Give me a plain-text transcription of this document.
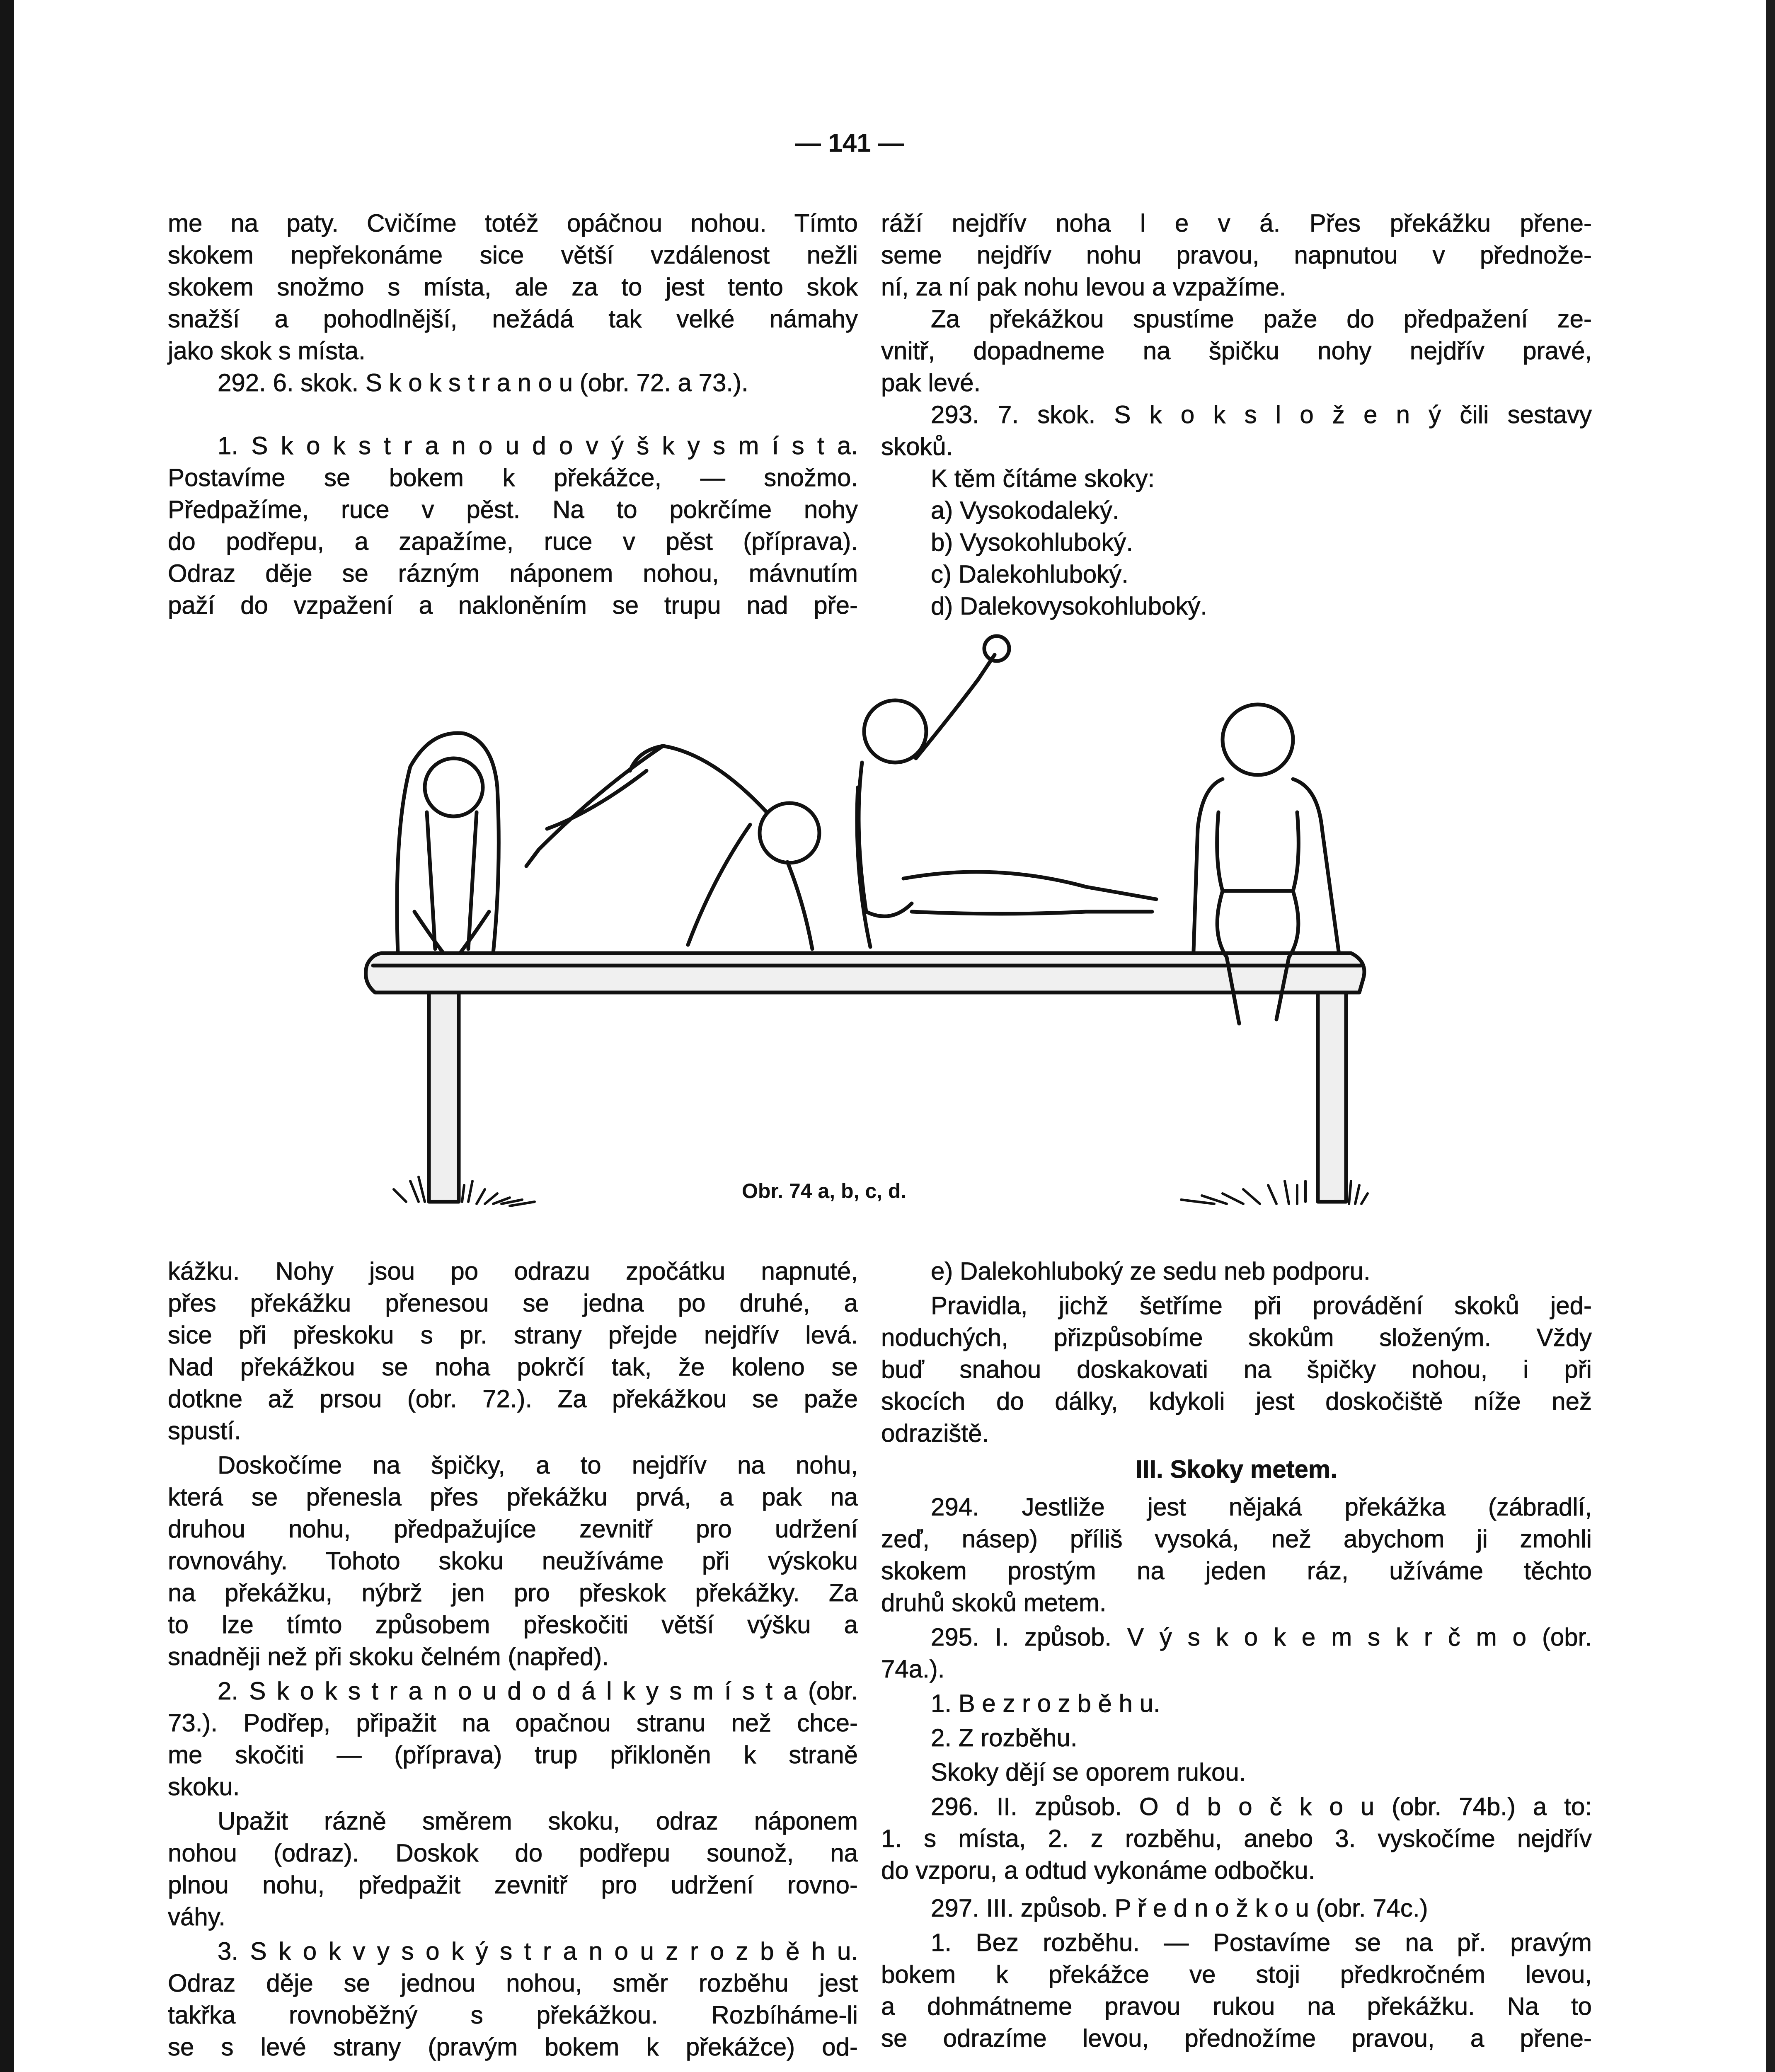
— 141 —
me na paty. Cvičíme totéž opáčnou nohou. Tímto
skokem nepřekonáme sice větší vzdálenost nežli
skokem snožmo s místa, ale za to jest tento skok
snažší a pohodlnější, nežádá tak velké námahy
jako skok s místa.
292. 6. skok. S k o k s t r a n o u (obr. 72. a 73.).
1. S k o k s t r a n o u d o v ý š k y s m í s t a.
Postavíme se bokem k překážce, — snožmo.
Předpažíme, ruce v pěst. Na to pokrčíme nohy
do podřepu, a zapažíme, ruce v pěst (příprava).
Odraz děje se rázným náponem nohou, mávnutím
paží do vzpažení a nakloněním se trupu nad pře-
ráží nejdřív noha l e v á. Přes překážku přene-
seme nejdřív nohu pravou, napnutou v přednože-
ní, za ní pak nohu levou a vzpažíme.
Za překážkou spustíme paže do předpažení ze-
vnitř, dopadneme na špičku nohy nejdřív pravé,
pak levé.
293. 7. skok. S k o k s l o ž e n ý čili sestavy
skoků.
K těm čítáme skoky:
a) Vysokodaleký.
b) Vysokohluboký.
c) Dalekohluboký.
d) Dalekovysokohluboký.
Obr. 74 a, b, c, d.
kážku. Nohy jsou po odrazu zpočátku napnuté,
přes překážku přenesou se jedna po druhé, a
sice při přeskoku s pr. strany přejde nejdřív levá.
Nad překážkou se noha pokrčí tak, že koleno se
dotkne až prsou (obr. 72.). Za překážkou se paže
spustí.
Doskočíme na špičky, a to nejdřív na nohu,
která se přenesla přes překážku prvá, a pak na
druhou nohu, předpažujíce zevnitř pro udržení
rovnováhy. Tohoto skoku neužíváme při výskoku
na překážku, nýbrž jen pro přeskok překážky. Za
to lze tímto způsobem přeskočiti větší výšku a
snadněji než při skoku čelném (napřed).
2. S k o k s t r a n o u d o d á l k y s m í s t a (obr.
73.). Podřep, připažit na opačnou stranu než chce-
me skočiti — (příprava) trup přikloněn k straně
skoku.
Upažit rázně směrem skoku, odraz náponem
nohou (odraz). Doskok do podřepu sounož, na
plnou nohu, předpažit zevnitř pro udržení rovno-
váhy.
3. S k o k v y s o k ý s t r a n o u z r o z b ě h u.
Odraz děje se jednou nohou, směr rozběhu jest
takřka rovnoběžný s překážkou. Rozbíháme-li
se s levé strany (pravým bokem k překážce) od-
e) Dalekohluboký ze sedu neb podporu.
Pravidla, jichž šetříme při provádění skoků jed-
noduchých, přizpůsobíme skokům složeným. Vždy
buď snahou doskakovati na špičky nohou, i při
skocích do dálky, kdykoli jest doskočiště níže než
odraziště.
III. Skoky metem.
294. Jestliže jest nějaká překážka (zábradlí,
zeď, násep) příliš vysoká, než abychom ji zmohli
skokem prostým na jeden ráz, užíváme těchto
druhů skoků metem.
295. I. způsob. V ý s k o k e m s k r č m o (obr.
74a.).
1. B e z r o z b ě h u.
2. Z rozběhu.
Skoky dějí se oporem rukou.
296. II. způsob. O d b o č k o u (obr. 74b.) a to:
1. s místa, 2. z rozběhu, anebo 3. vyskočíme nejdřív
do vzporu, a odtud vykonáme odbočku.
297. III. způsob. P ř e d n o ž k o u (obr. 74c.)
1. Bez rozběhu. — Postavíme se na př. pravým
bokem k překážce ve stoji předkročném levou,
a dohmátneme pravou rukou na překážku. Na to
se odrazíme levou, přednožíme pravou, a přene-
